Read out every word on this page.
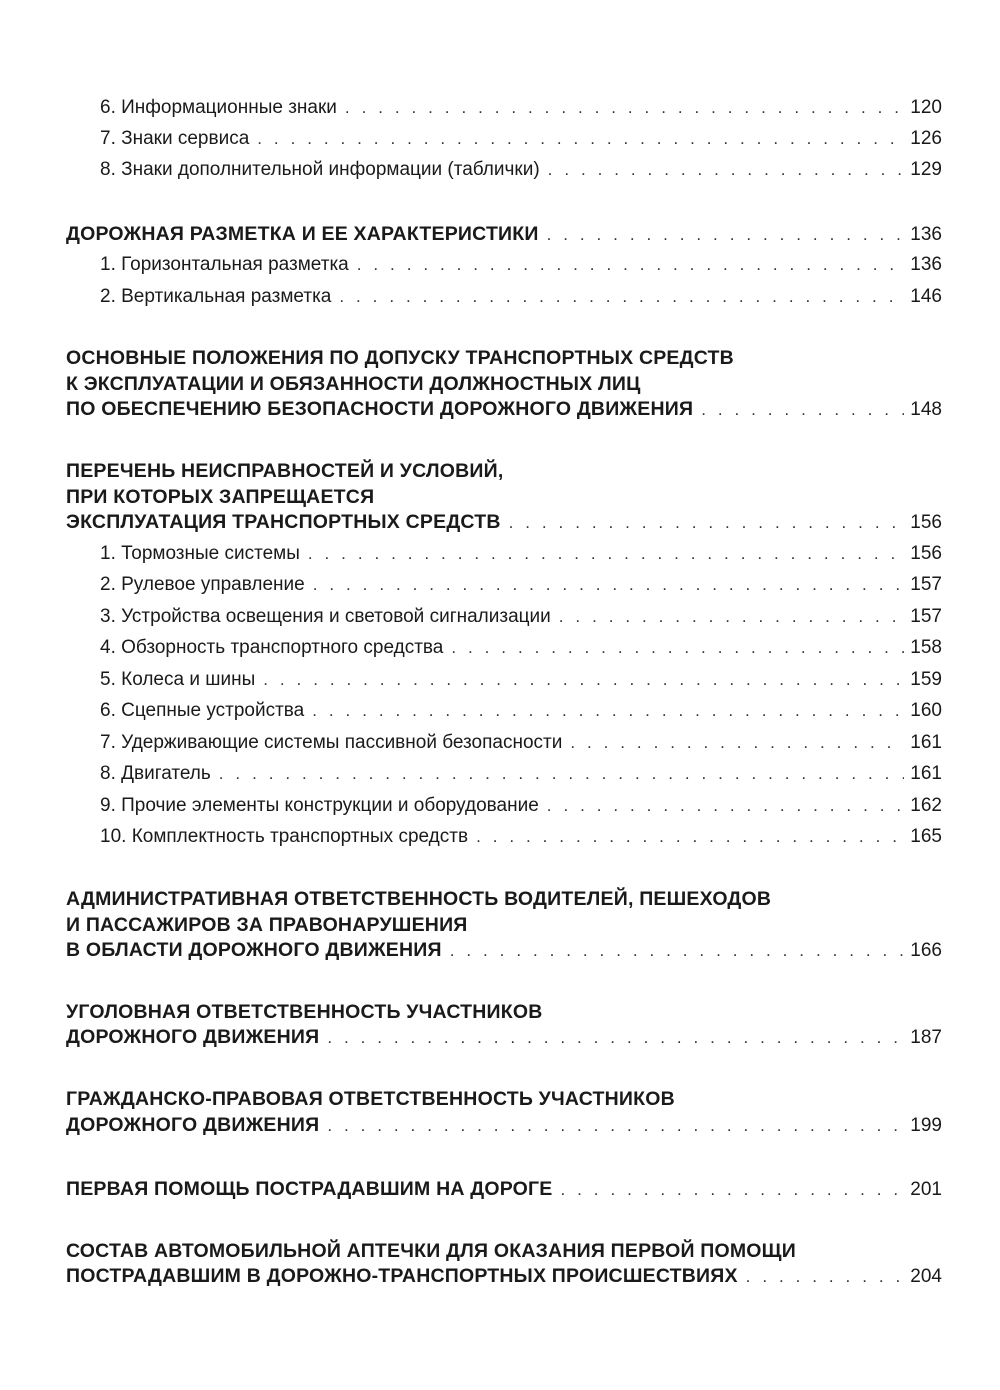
6. Информационные знаки . . .	120
7. Знаки сервиса . . .	126
8. Знаки дополнительной информации (таблички) . . .	129
ДОРОЖНАЯ РАЗМЕТКА И ЕЕ ХАРАКТЕРИСТИКИ . . .	136
1. Горизонтальная разметка . . .	136
2. Вертикальная разметка . . .	146
ОСНОВНЫЕ ПОЛОЖЕНИЯ ПО ДОПУСКУ ТРАНСПОРТНЫХ СРЕДСТВ
К ЭКСПЛУАТАЦИИ И ОБЯЗАННОСТИ ДОЛЖНОСТНЫХ ЛИЦ
ПО ОБЕСПЕЧЕНИЮ БЕЗОПАСНОСТИ ДОРОЖНОГО ДВИЖЕНИЯ . . .	148
ПЕРЕЧЕНЬ НЕИСПРАВНОСТЕЙ И УСЛОВИЙ,
ПРИ КОТОРЫХ ЗАПРЕЩАЕТСЯ
ЭКСПЛУАТАЦИЯ ТРАНСПОРТНЫХ СРЕДСТВ . . .	156
1. Тормозные системы . . .	156
2. Рулевое управление . . .	157
3. Устройства освещения и световой сигнализации . . .	157
4. Обзорность транспортного средства . . .	158
5. Колеса и шины . . .	159
6. Сцепные устройства . . .	160
7. Удерживающие системы пассивной безопасности . . .	161
8. Двигатель . . .	161
9. Прочие элементы конструкции и оборудование . . .	162
10. Комплектность транспортных средств . . .	165
АДМИНИСТРАТИВНАЯ ОТВЕТСТВЕННОСТЬ ВОДИТЕЛЕЙ, ПЕШЕХОДОВ
И ПАССАЖИРОВ ЗА ПРАВОНАРУШЕНИЯ
В ОБЛАСТИ ДОРОЖНОГО ДВИЖЕНИЯ . . .	166
УГОЛОВНАЯ ОТВЕТСТВЕННОСТЬ УЧАСТНИКОВ
ДОРОЖНОГО ДВИЖЕНИЯ . . .	187
ГРАЖДАНСКО-ПРАВОВАЯ ОТВЕТСТВЕННОСТЬ УЧАСТНИКОВ
ДОРОЖНОГО ДВИЖЕНИЯ . . .	199
ПЕРВАЯ ПОМОЩЬ ПОСТРАДАВШИМ НА ДОРОГЕ . . .	201
СОСТАВ АВТОМОБИЛЬНОЙ АПТЕЧКИ ДЛЯ ОКАЗАНИЯ ПЕРВОЙ ПОМОЩИ
ПОСТРАДАВШИМ В ДОРОЖНО-ТРАНСПОРТНЫХ ПРОИСШЕСТВИЯХ . . .	204
